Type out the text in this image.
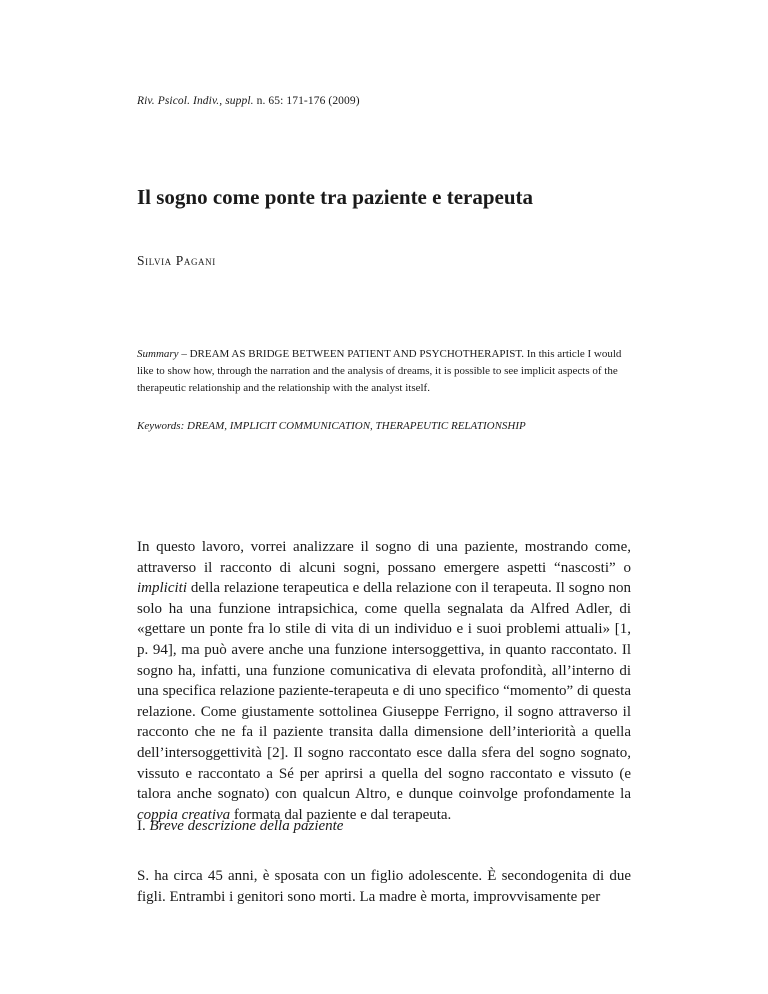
Riv. Psicol. Indiv., suppl. n. 65: 171-176 (2009)
Il sogno come ponte tra paziente e terapeuta
Silvia Pagani

Summary – DREAM AS BRIDGE BETWEEN PATIENT AND PSYCHOTHERAPIST. In this article I would like to show how, through the narration and the analysis of dreams, it is possible to see implicit aspects of the therapeutic relationship and the relationship with the analyst itself.

Keywords: DREAM, IMPLICIT COMMUNICATION, THERAPEUTIC RELATIONSHIP

In questo lavoro, vorrei analizzare il sogno di una paziente, mostrando come, attraverso il racconto di alcuni sogni, possano emergere aspetti “nascosti” o impliciti della relazione terapeutica e della relazione con il terapeuta. Il sogno non solo ha una funzione intrapsichica, come quella segnalata da Alfred Adler, di «gettare un ponte fra lo stile di vita di un individuo e i suoi problemi attuali» [1, p. 94], ma può avere anche una funzione intersoggettiva, in quanto raccontato. Il sogno ha, infatti, una funzione comunicativa di elevata profondità, all’interno di una specifica relazione paziente-terapeuta e di uno specifico “momento” di questa relazione. Come giustamente sottolinea Giuseppe Ferrigno, il sogno attraverso il racconto che ne fa il paziente transita dalla dimensione dell’interiorità a quella dell’intersoggettività [2]. Il sogno raccontato esce dalla sfera del sogno sognato, vissuto e raccontato a Sé per aprirsi a quella del sogno raccontato e vissuto (e talora anche sognato) con qualcun Altro, e dunque coinvolge profondamente la coppia creativa formata dal paziente e dal terapeuta.

I. Breve descrizione della paziente

S. ha circa 45 anni, è sposata con un figlio adolescente. È secondogenita di due figli. Entrambi i genitori sono morti. La madre è morta, improvvisamente per
